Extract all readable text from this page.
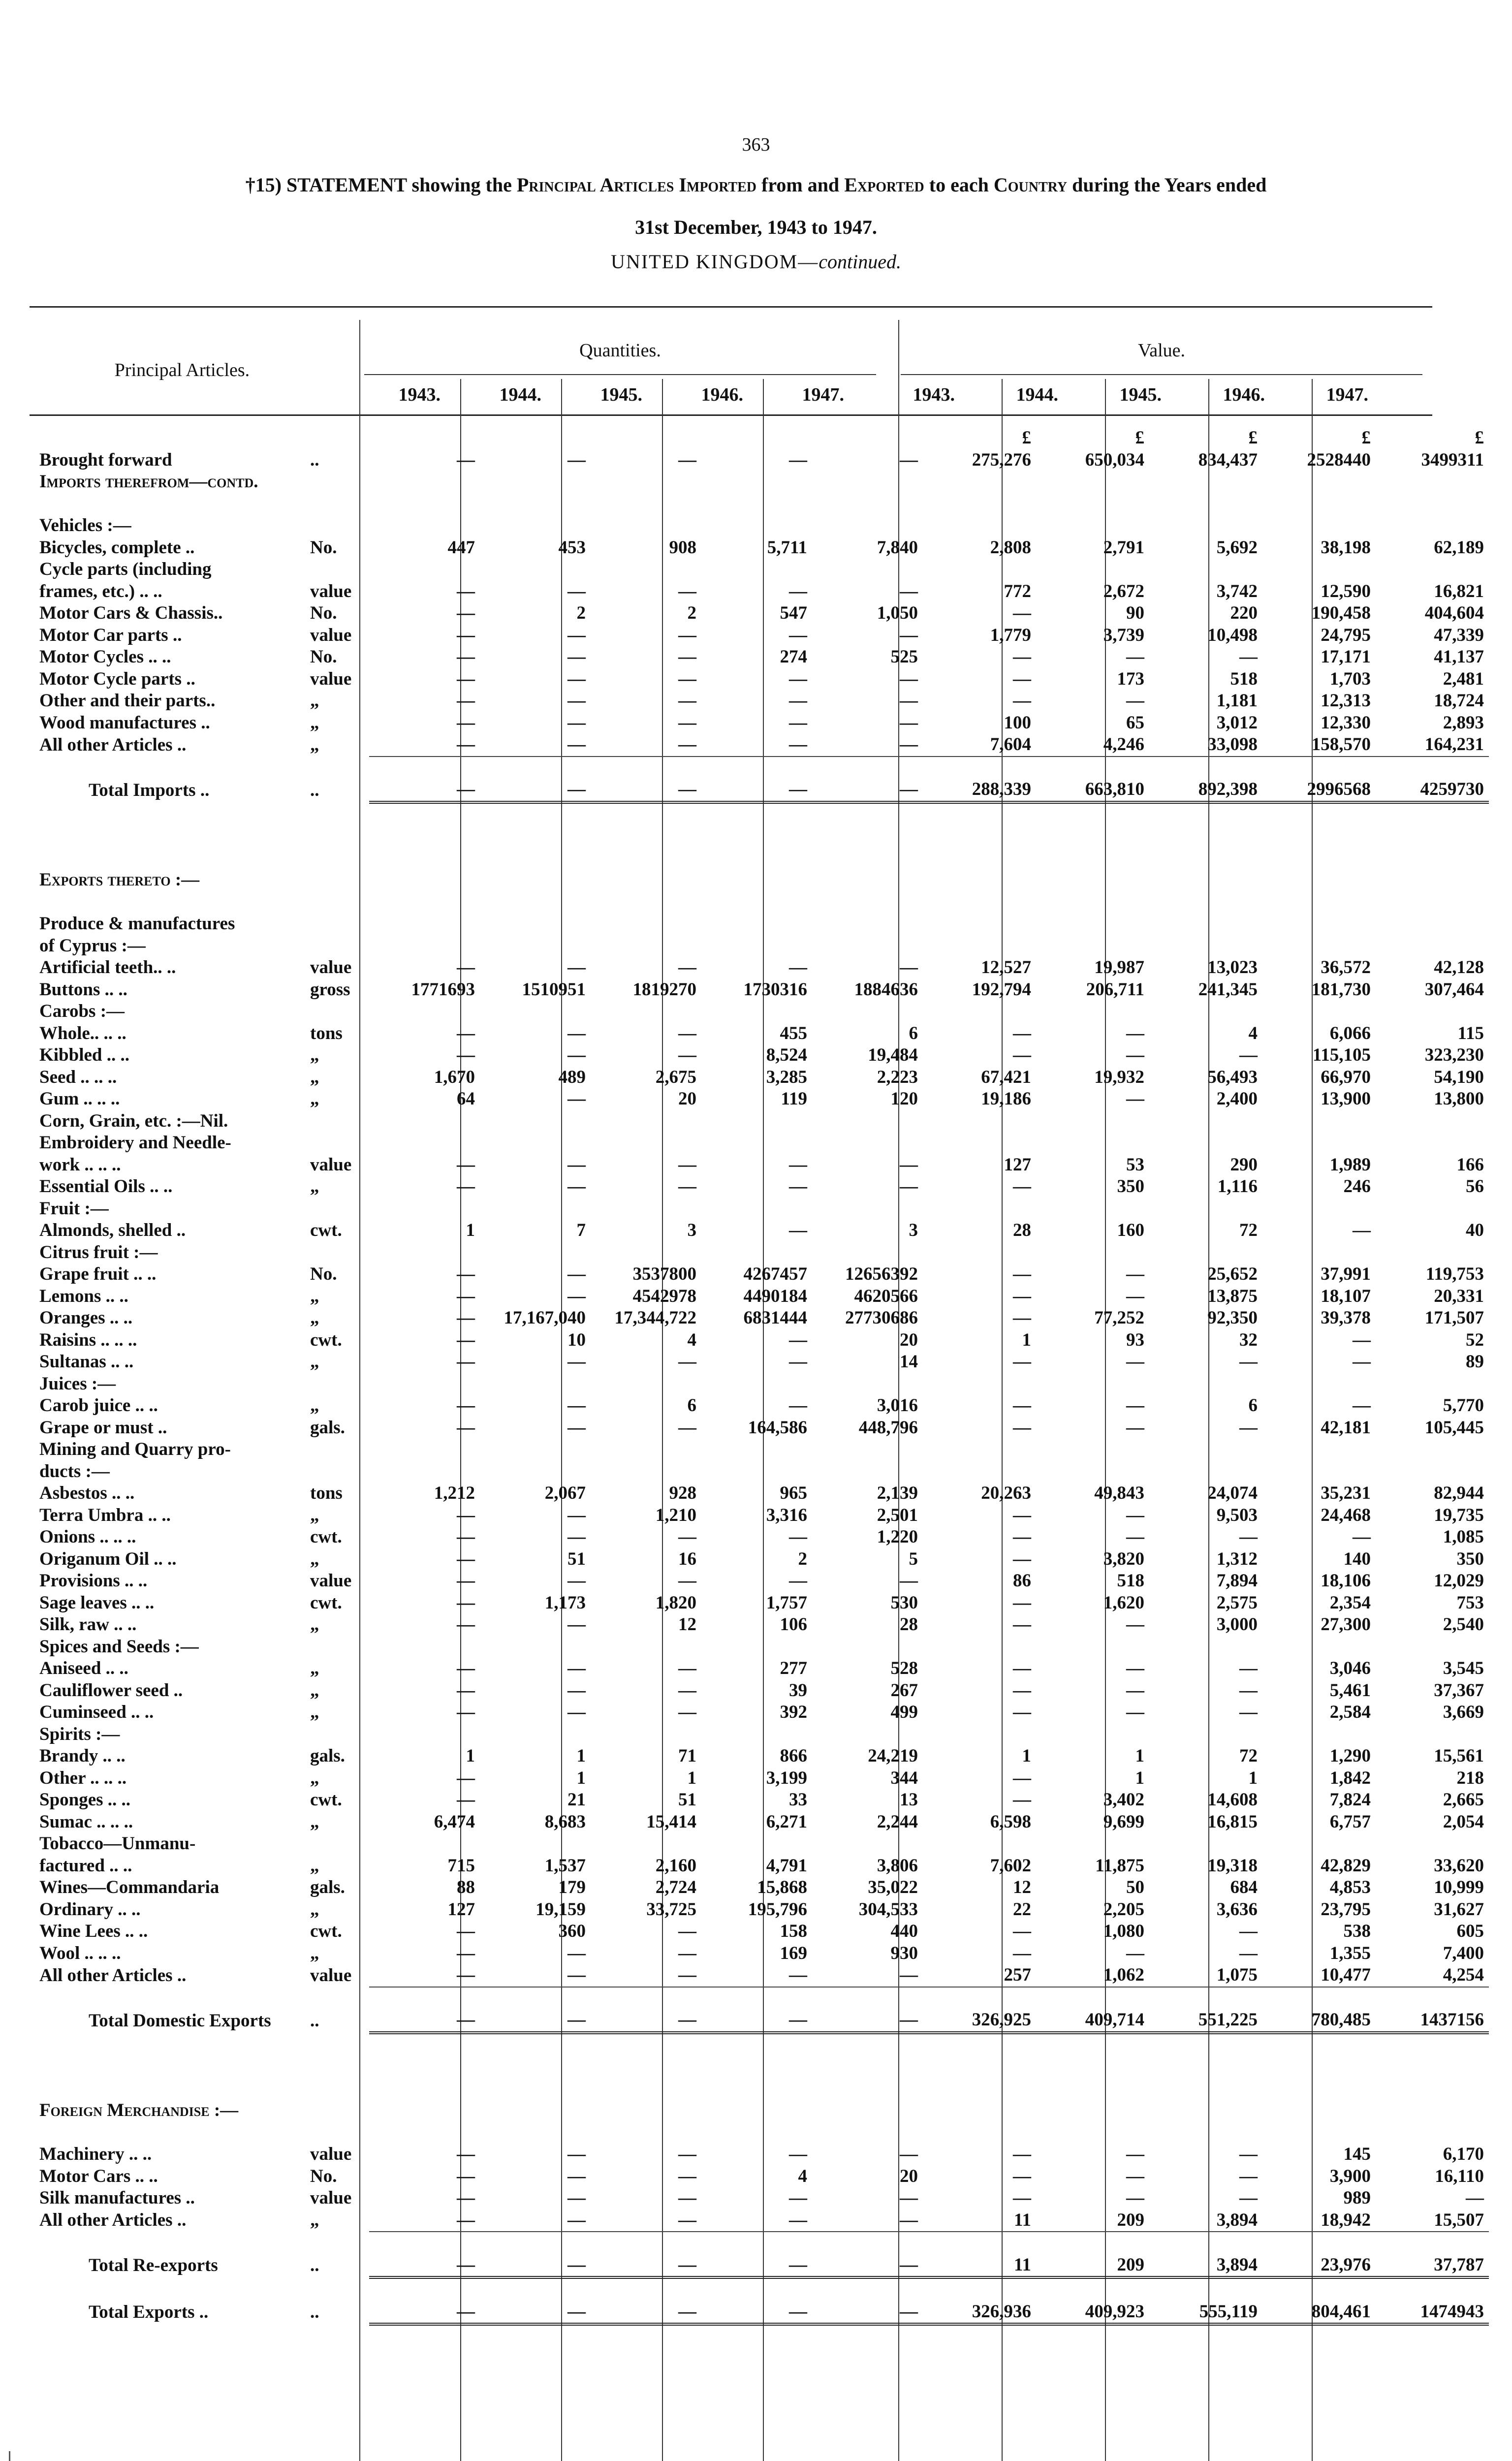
363
†15) STATEMENT showing the Principal Articles Imported from and Exported to each Country during the Years ended
31st December, 1943 to 1947.
UNITED KINGDOM—continued.
Principal Articles.
Quantities.	Value.
1943.	1944.	1945.	1946.	1947.	1943.	1944.	1945.	1946.	1947.
							£	£	£	£	£
Brought forward	..	—	—	—	—	—	275,276	650,034	834,437	2528440	3499311
Imports therefrom—contd.											

Vehicles :—											
Bicycles, complete ..	No.	447	453	908	5,711	7,840	2,808	2,791	5,692	38,198	62,189
Cycle parts (including											
frames, etc.) .. ..	value	—	—	—	—	—	772	2,672	3,742	12,590	16,821
Motor Cars & Chassis..	No.	—	2	2	547	1,050	—	90	220	190,458	404,604
Motor Car parts ..	value	—	—	—	—	—	1,779	3,739	10,498	24,795	47,339
Motor Cycles .. ..	No.	—	—	—	274	525	—	—	—	17,171	41,137
Motor Cycle parts ..	value	—	—	—	—	—	—	173	518	1,703	2,481
Other and their parts..	„	—	—	—	—	—	—	—	1,181	12,313	18,724
Wood manufactures ..	„	—	—	—	—	—	100	65	3,012	12,330	2,893
All other Articles ..	„	—	—	—	—	—	7,604	4,246	33,098	158,570	164,231

Total Imports ..	..	—	—	—	—	—	288,339	663,810	892,398	2996568	4259730

Exports thereto :—											

Produce & manufactures											
of Cyprus :—											
Artificial teeth.. ..	value	—	—	—	—	—	12,527	19,987	13,023	36,572	42,128
Buttons .. ..	gross	1771693	1510951	1819270	1730316	1884636	192,794	206,711	241,345	181,730	307,464
Carobs :—											
Whole.. .. ..	tons	—	—	—	455	6	—	—	4	6,066	115
Kibbled .. ..	„	—	—	—	8,524	19,484	—	—	—	115,105	323,230
Seed .. .. ..	„	1,670	489	2,675	3,285	2,223	67,421	19,932	56,493	66,970	54,190
Gum .. .. ..	„	64	—	20	119	120	19,186	—	2,400	13,900	13,800
Corn, Grain, etc. :—Nil.											
Embroidery and Needle-											
work .. .. ..	value	—	—	—	—	—	127	53	290	1,989	166
Essential Oils .. ..	„	—	—	—	—	—	—	350	1,116	246	56
Fruit :—											
Almonds, shelled ..	cwt.	1	7	3	—	3	28	160	72	—	40
Citrus fruit :—											
Grape fruit .. ..	No.	—	—	3537800	4267457	12656392	—	—	25,652	37,991	119,753
Lemons .. ..	„	—	—	4542978	4490184	4620566	—	—	13,875	18,107	20,331
Oranges .. ..	„	—	17,167,040	17,344,722	6831444	27730686	—	77,252	92,350	39,378	171,507
Raisins .. .. ..	cwt.	—	10	4	—	20	1	93	32	—	52
Sultanas .. ..	„	—	—	—	—	14	—	—	—	—	89
Juices :—											
Carob juice .. ..	„	—	—	6	—	3,016	—	—	6	—	5,770
Grape or must ..	gals.	—	—	—	164,586	448,796	—	—	—	42,181	105,445
Mining and Quarry pro-											
ducts :—											
Asbestos .. ..	tons	1,212	2,067	928	965	2,139	20,263	49,843	24,074	35,231	82,944
Terra Umbra .. ..	„	—	—	1,210	3,316	2,501	—	—	9,503	24,468	19,735
Onions .. .. ..	cwt.	—	—	—	—	1,220	—	—	—	—	1,085
Origanum Oil .. ..	„	—	51	16	2	5	—	3,820	1,312	140	350
Provisions .. ..	value	—	—	—	—	—	86	518	7,894	18,106	12,029
Sage leaves .. ..	cwt.	—	1,173	1,820	1,757	530	—	1,620	2,575	2,354	753
Silk, raw .. ..	„	—	—	12	106	28	—	—	3,000	27,300	2,540
Spices and Seeds :—											
Aniseed .. ..	„	—	—	—	277	528	—	—	—	3,046	3,545
Cauliflower seed ..	„	—	—	—	39	267	—	—	—	5,461	37,367
Cuminseed .. ..	„	—	—	—	392	499	—	—	—	2,584	3,669
Spirits :—											
Brandy .. ..	gals.	1	1	71	866	24,219	1	1	72	1,290	15,561
Other .. .. ..	„	—	1	1	3,199	344	—	1	1	1,842	218
Sponges .. ..	cwt.	—	21	51	33	13	—	3,402	14,608	7,824	2,665
Sumac .. .. ..	„	6,474	8,683	15,414	6,271	2,244	6,598	9,699	16,815	6,757	2,054
Tobacco—Unmanu-											
factured .. ..	„	715	1,537	2,160	4,791	3,806	7,602	11,875	19,318	42,829	33,620
Wines—Commandaria	gals.	88	179	2,724	15,868	35,022	12	50	684	4,853	10,999
Ordinary .. ..	„	127	19,159	33,725	195,796	304,533	22	2,205	3,636	23,795	31,627
Wine Lees .. ..	cwt.	—	360	—	158	440	—	1,080	—	538	605
Wool .. .. ..	„	—	—	—	169	930	—	—	—	1,355	7,400
All other Articles ..	value	—	—	—	—	—	257	1,062	1,075	10,477	4,254

Total Domestic Exports	..	—	—	—	—	—	326,925	409,714	551,225	780,485	1437156

Foreign Merchandise :—											

Machinery .. ..	value	—	—	—	—	—	—	—	—	145	6,170
Motor Cars .. ..	No.	—	—	—	4	20	—	—	—	3,900	16,110
Silk manufactures ..	value	—	—	—	—	—	—	—	—	989	—
All other Articles ..	„	—	—	—	—	—	11	209	3,894	18,942	15,507

Total Re-exports	..	—	—	—	—	—	11	209	3,894	23,976	37,787

Total Exports ..	..	—	—	—	—	—	326,936	409,923	555,119	804,461	1474943
